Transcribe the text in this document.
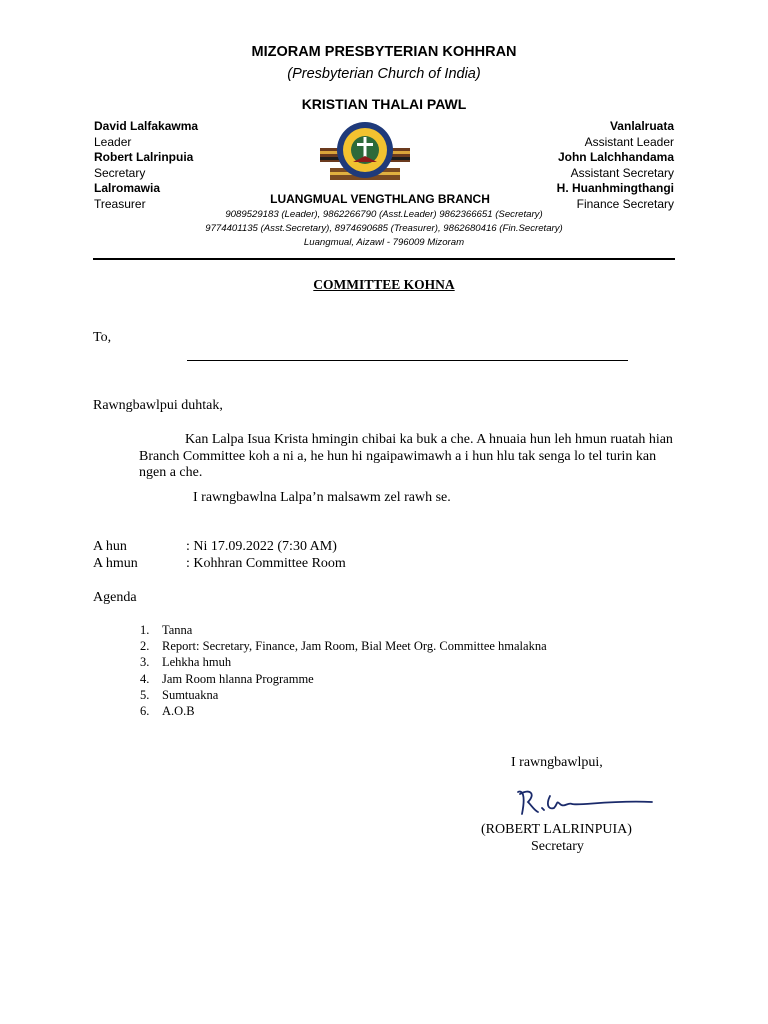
MIZORAM PRESBYTERIAN KOHHRAN
(Presbyterian Church of India)
KRISTIAN THALAI PAWL
David Lalfakawma
Leader
Robert Lalrinpuia
Secretary
Lalromawia
Treasurer
Vanlalruata
Assistant Leader
John Lalchhandama
Assistant Secretary
H. Huanhmingthangi
Finance Secretary
LUANGMUAL VENGTHLANG BRANCH
9089529183 (Leader), 9862266790 (Asst.Leader) 9862366651 (Secretary)
9774401135 (Asst.Secretary), 8974690685 (Treasurer), 9862680416 (Fin.Secretary)
Luangmual, Aizawl - 796009 Mizoram
COMMITTEE KOHNA
To,
Rawngbawlpui duhtak,
Kan Lalpa Isua Krista hmingin chibai ka buk a che. A hnuaia hun leh hmun ruatah hian Branch Committee koh a ni a, he hun hi ngaipawimawh a i hun hlu tak senga lo tel turin kan ngen a che.
I rawngbawlna Lalpa’n malsawm zel rawh se.
A hun	: Ni 17.09.2022 (7:30 AM)
A hmun	: Kohhran Committee Room
Agenda
1. Tanna
2. Report: Secretary, Finance, Jam Room, Bial Meet Org. Committee hmalakna
3. Lehkha hmuh
4. Jam Room hlanna Programme
5. Sumtuakna
6. A.O.B
I rawngbawlpui,
(ROBERT LALRINPUIA)
Secretary
